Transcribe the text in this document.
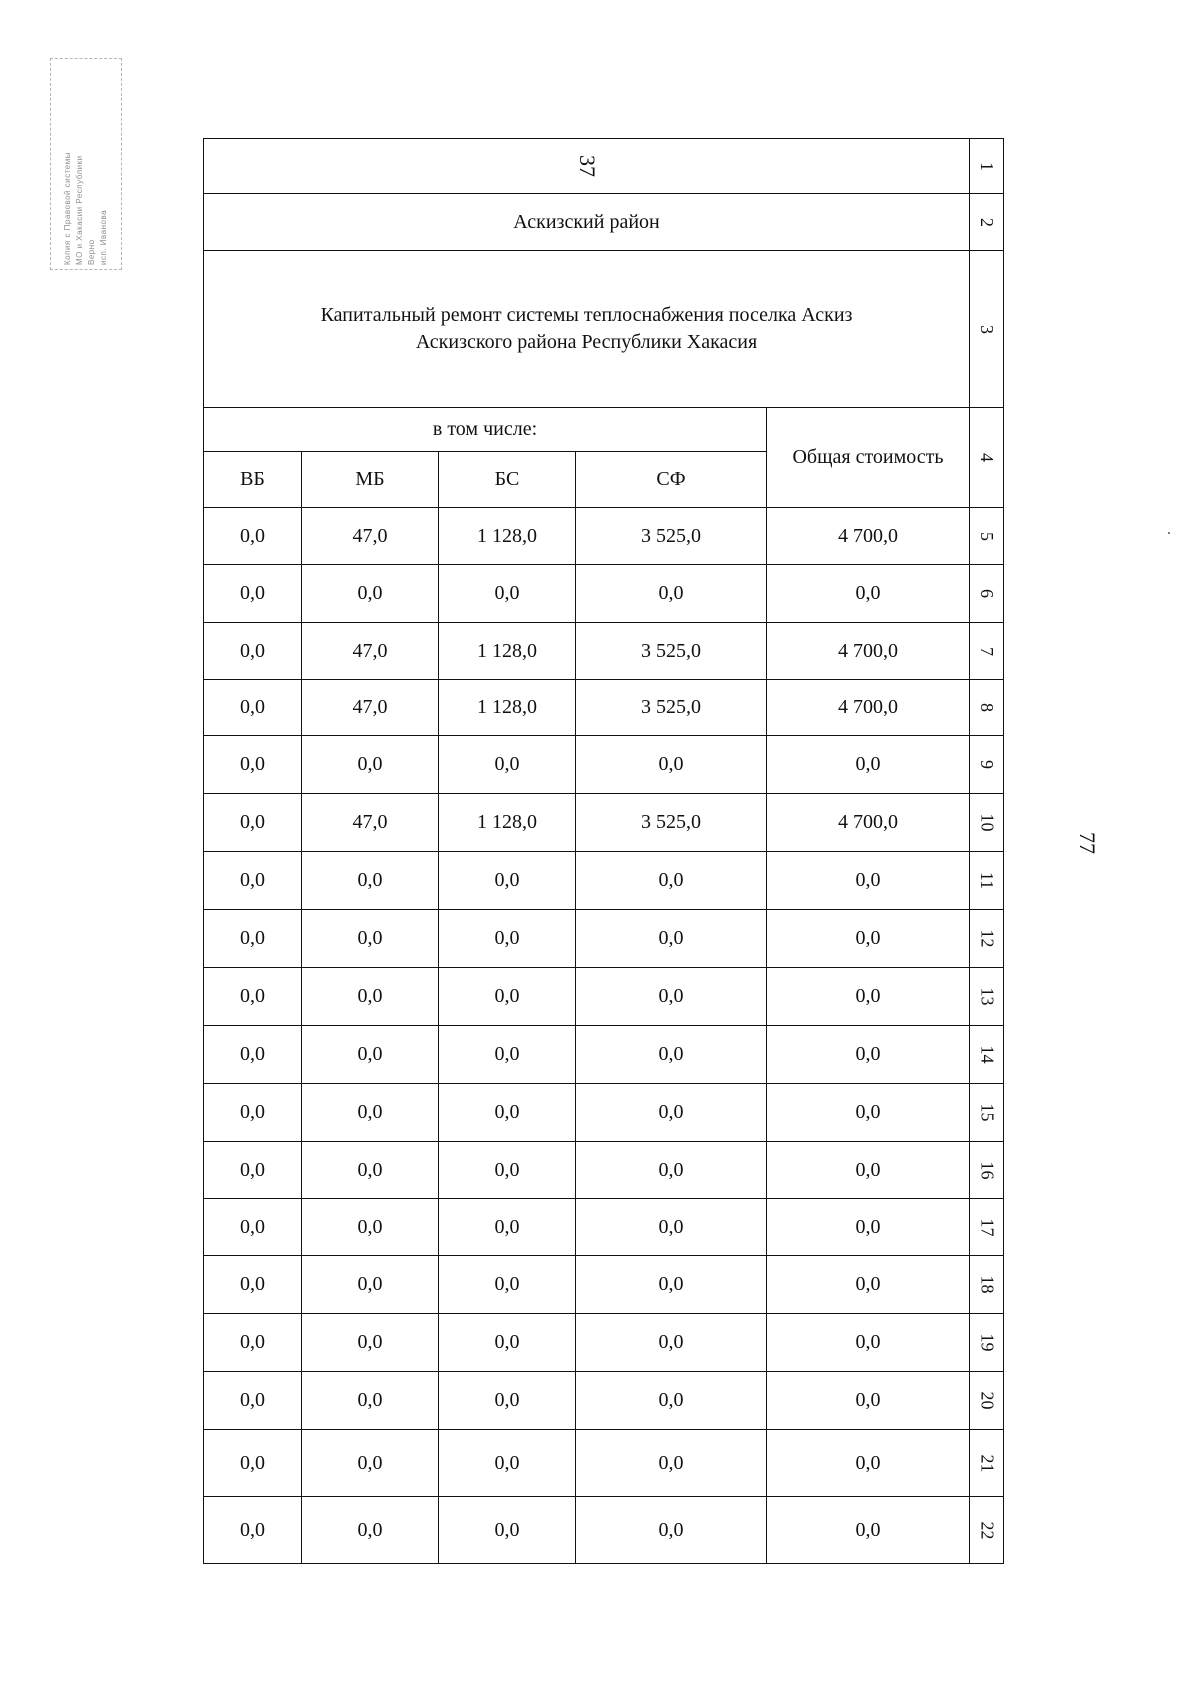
Копия с Правовой системы МО и Хакасии Республики Верно исп. Иванова
77
37					1
Аскизский район					2

Капитальный ремонт системы теплоснабжения поселка Аскиз
Аскизского района Республики Хакасия					3
в том числе:				Общая стоимость	4
ВБ	МБ	БС	СФ		
0,0	47,0	1 128,0	3 525,0	4 700,0	5
0,0	0,0	0,0	0,0	0,0	6
0,0	47,0	1 128,0	3 525,0	4 700,0	7
0,0	47,0	1 128,0	3 525,0	4 700,0	8
0,0	0,0	0,0	0,0	0,0	9
0,0	47,0	1 128,0	3 525,0	4 700,0	10
0,0	0,0	0,0	0,0	0,0	11
0,0	0,0	0,0	0,0	0,0	12
0,0	0,0	0,0	0,0	0,0	13
0,0	0,0	0,0	0,0	0,0	14
0,0	0,0	0,0	0,0	0,0	15
0,0	0,0	0,0	0,0	0,0	16
0,0	0,0	0,0	0,0	0,0	17
0,0	0,0	0,0	0,0	0,0	18
0,0	0,0	0,0	0,0	0,0	19
0,0	0,0	0,0	0,0	0,0	20
0,0	0,0	0,0	0,0	0,0	21
0,0	0,0	0,0	0,0	0,0	22
